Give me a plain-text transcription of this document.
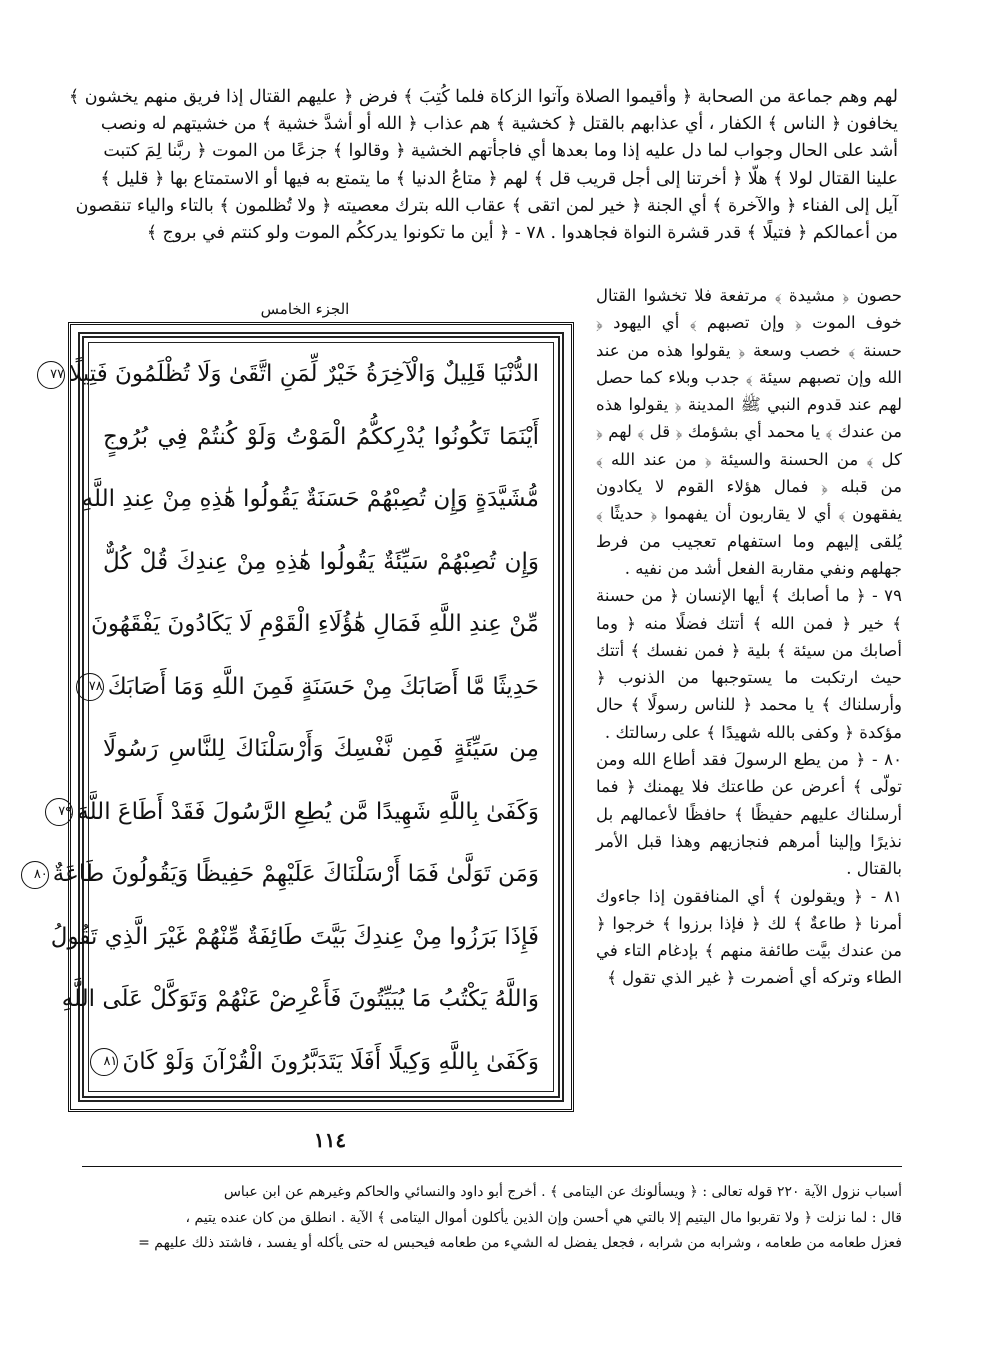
لهم وهم جماعة من الصحابة ﴿ وأقيموا الصلاة وآتوا الزكاة فلما كُتِبَ ﴾ فرض ﴿ عليهم القتال إذا فريق منهم يخشون ﴾

يخافون ﴿ الناس ﴾ الكفار ، أي عذابهم بالقتل ﴿ كخشية ﴾ هم عذاب ﴿ الله أو أشدَّ خشية ﴾ من خشيتهم له ونصب

أشد على الحال وجواب لما دل عليه إذا وما بعدها أي فاجأتهم الخشية ﴿ وقالوا ﴾ جزعًا من الموت ﴿ ربَّنا لِمَ كتبت

علينا القتال لولا ﴾ هلّا ﴿ أخرتنا إلى أجل قريب قل ﴾ لهم ﴿ متاعُ الدنيا ﴾ ما يتمتع به فيها أو الاستمتاع بها ﴿ قليل ﴾

آيل إلى الفناء ﴿ والآخرة ﴾ أي الجنة ﴿ خير لمن اتقى ﴾ عقاب الله بترك معصيته ﴿ ولا تُظلمون ﴾ بالتاء والياء تنقصون

من أعمالكم ﴿ فتيلًا ﴾ قدر قشرة النواة فجاهدوا . ٧٨ - ﴿ أين ما تكونوا يدرككُم الموت ولو كنتم في بروج ﴾

الجزء الخامس
الدُّنْيَا قَلِيلٌ وَالْآخِرَةُ خَيْرٌ لِّمَنِ اتَّقَىٰ وَلَا تُظْلَمُونَ فَتِيلًا٧٧
أَيْنَمَا تَكُونُوا يُدْرِككُّمُ الْمَوْتُ وَلَوْ كُنتُمْ فِي بُرُوجٍ
مُّشَيَّدَةٍ وَإِن تُصِبْهُمْ حَسَنَةٌ يَقُولُوا هَٰذِهِ مِنْ عِندِ اللَّهِ
وَإِن تُصِبْهُمْ سَيِّئَةٌ يَقُولُوا هَٰذِهِ مِنْ عِندِكَ قُلْ كُلٌّ
مِّنْ عِندِ اللَّهِ فَمَالِ هَٰؤُلَاءِ الْقَوْمِ لَا يَكَادُونَ يَفْقَهُونَ
حَدِيثًا مَّا أَصَابَكَ مِنْ حَسَنَةٍ فَمِنَ اللَّهِ وَمَا أَصَابَكَ٧٨
مِن سَيِّئَةٍ فَمِن نَّفْسِكَ وَأَرْسَلْنَاكَ لِلنَّاسِ رَسُولًا
وَكَفَىٰ بِاللَّهِ شَهِيدًا مَّن يُطِعِ الرَّسُولَ فَقَدْ أَطَاعَ اللَّهَ٧٩
وَمَن تَوَلَّىٰ فَمَا أَرْسَلْنَاكَ عَلَيْهِمْ حَفِيظًا وَيَقُولُونَ طَاعَةٌ٨٠
فَإِذَا بَرَزُوا مِنْ عِندِكَ بَيَّتَ طَائِفَةٌ مِّنْهُمْ غَيْرَ الَّذِي تَقُولُ
وَاللَّهُ يَكْتُبُ مَا يُبَيِّتُونَ فَأَعْرِضْ عَنْهُمْ وَتَوَكَّلْ عَلَى اللَّهِ
وَكَفَىٰ بِاللَّهِ وَكِيلًا أَفَلَا يَتَدَبَّرُونَ الْقُرْآنَ وَلَوْ كَانَ٨١
١١٤

حصون ﴿ مشيدة ﴾ مرتفعة فلا تخشوا القتال خوف الموت ﴿ وإن تصبهم ﴾ أي اليهود ﴿ حسنة ﴾ خصب وسعة ﴿ يقولوا هذه من عند الله وإن تصبهم سيئة ﴾ جدب وبلاء كما حصل لهم عند قدوم النبي ﷺ المدينة ﴿ يقولوا هذه من عندك ﴾ يا محمد أي بشؤمك ﴿ قل ﴾ لهم ﴿ كل ﴾ من الحسنة والسيئة ﴿ من عند الله ﴾ من قبله ﴿ فمال هؤلاء القوم لا يكادون يفقهون ﴾ أي لا يقاربون أن يفهموا ﴿ حديثًا ﴾ يُلقى إليهم وما استفهام تعجيب من فرط جهلهم ونفي مقاربة الفعل أشد من نفيه .

٧٩ - ﴿ ما أصابك ﴾ أيها الإنسان ﴿ من حسنة ﴾ خير ﴿ فمن الله ﴾ أتتك فضلًا منه ﴿ وما أصابك من سيئة ﴾ بلية ﴿ فمن نفسك ﴾ أتتك حيث ارتكبت ما يستوجبها من الذنوب ﴿ وأرسلناك ﴾ يا محمد ﴿ للناس رسولًا ﴾ حال مؤكدة ﴿ وكفى بالله شهيدًا ﴾ على رسالتك .

٨٠ - ﴿ من يطع الرسولَ فقد أطاع الله ومن تولّى ﴾ أعرض عن طاعتك فلا يهمنك ﴿ فما أرسلناك عليهم حفيظًا ﴾ حافظًا لأعمالهم بل نذيرًا وإلينا أمرهم فنجازيهم وهذا قبل الأمر بالقتال .

٨١ - ﴿ ويقولون ﴾ أي المنافقون إذا جاءوك أمرنا ﴿ طاعةٌ ﴾ لك ﴿ فإذا برزوا ﴾ خرجوا ﴿ من عندك بيَّت طائفة منهم ﴾ بإدغام التاء في الطاء وتركه أي أضمرت ﴿ غير الذي تقول ﴾

أسباب نزول الآية ٢٢٠ قوله تعالى : ﴿ ويسألونك عن اليتامى ﴾ . أخرج أبو داود والنسائي والحاكم وغيرهم عن ابن عباس

قال : لما نزلت ﴿ ولا تقربوا مال اليتيم إلا بالتي هي أحسن وإن الذين يأكلون أموال اليتامى ﴾ الآية . انطلق من كان عنده يتيم ،

فعزل طعامه من طعامه ، وشرابه من شرابه ، فجعل يفضل له الشيء من طعامه فيحبس له حتى يأكله أو يفسد ، فاشتد ذلك عليهم =
